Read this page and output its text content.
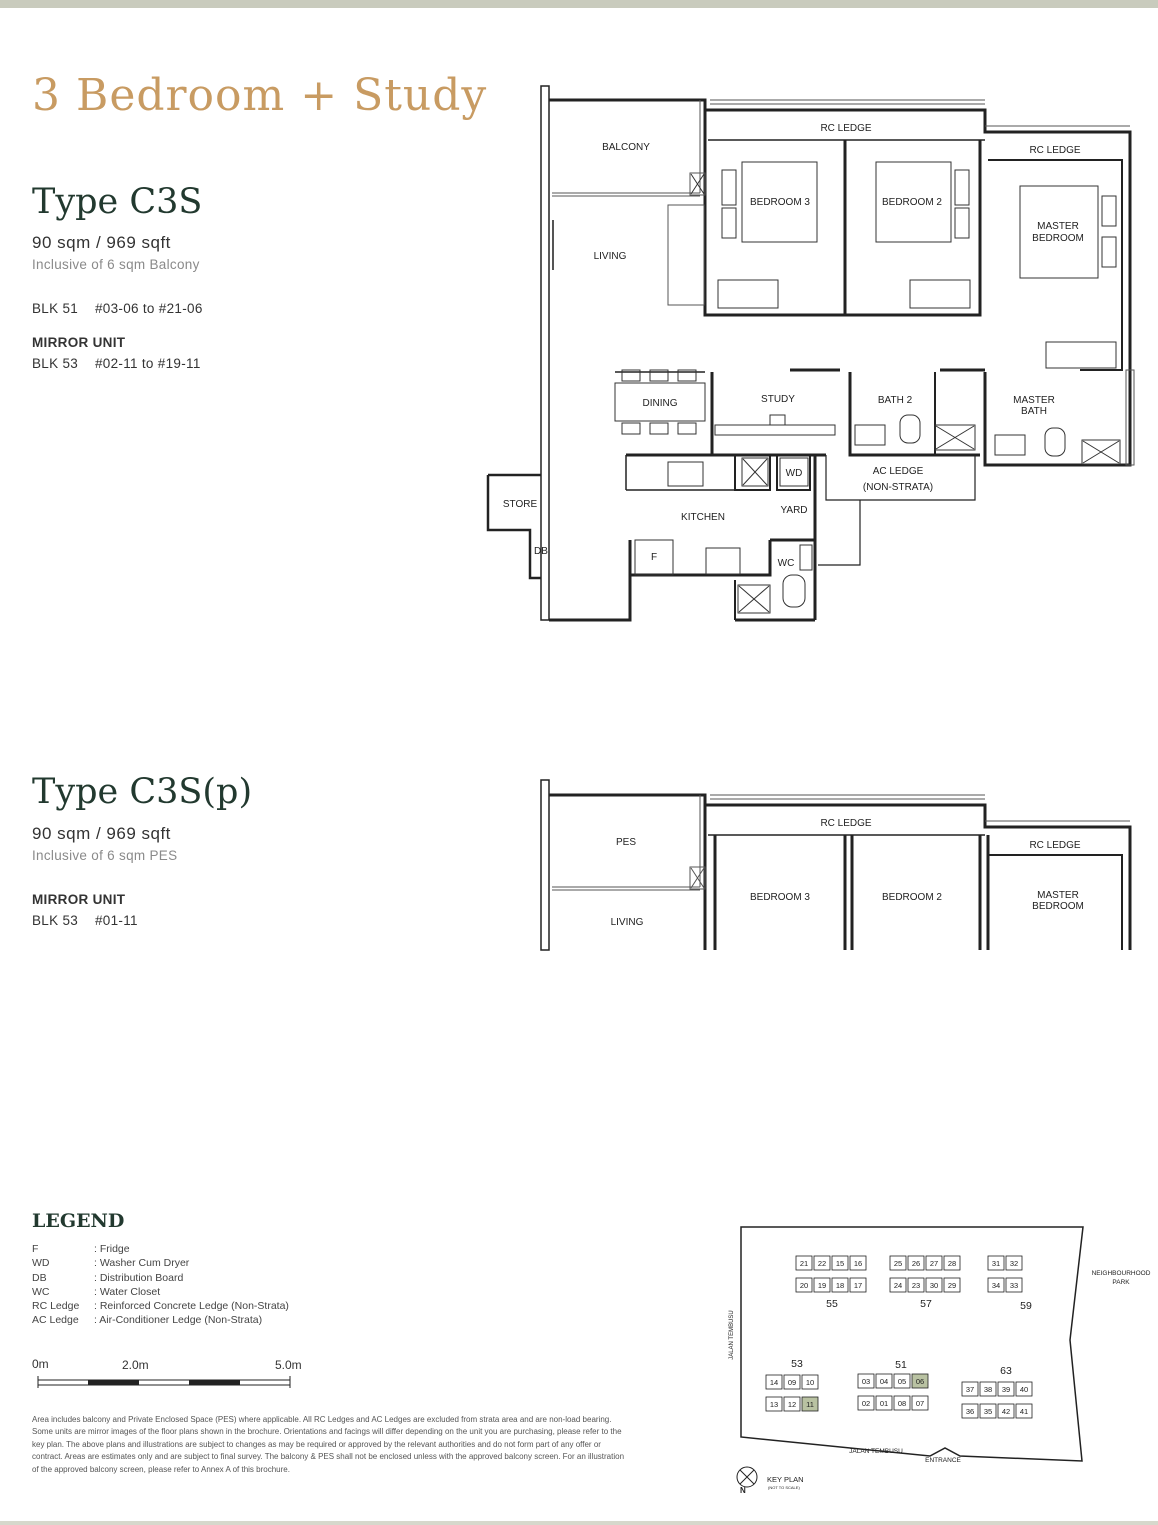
3 Bedroom + Study
Type C3S
90 sqm / 969 sqft
Inclusive of 6 sqm Balcony
BLK 51 #03-06 to #21-06
MIRROR UNIT
BLK 53 #02-11 to #19-11
Type C3S(p)
90 sqm / 969 sqft
Inclusive of 6 sqm PES
MIRROR UNIT
BLK 53 #01-11
RC LEDGE
RC LEDGE
BALCONY
LIVING
BEDROOM 3	BEDROOM 2
MASTER
BEDROOM
DINING	STUDY	BATH 2	MASTER
BATH
AC LEDGE
(NON-STRATA)
STORE
DB
KITCHEN
YARD
WD
WC
F
RC LEDGE
RC LEDGE
PES
LIVING
BEDROOM 3	BEDROOM 2	MASTER
BEDROOM
LEGEND
F	: Fridge
WD	: Washer Cum Dryer
DB	: Distribution Board
WC	: Water Closet
RC Ledge : Reinforced Concrete Ledge (Non-Strata)
AC Ledge : Air-Conditioner Ledge (Non-Strata)
0m	2.0m	5.0m
Area includes balcony and Private Enclosed Space (PES) where applicable. All RC Ledges and AC Ledges are excluded from strata area and are non-load bearing. Some units are mirror images of the floor plans shown in the brochure. Orientations and facings will differ depending on the unit you are purchasing, please refer to the key plan. The above plans and illustrations are subject to changes as may be required or approved by the relevant authorities and do not form part of any offer or contract. Areas are estimates only and are subject to final survey. The balcony & PES shall not be enclosed unless with the approved balcony screen. For an illustration of the approved balcony screen, please refer to Annex A of this brochure.
21 22 15 16
20 19 18 17
55
25 26 27 28
24 23 30 29
57
31 32
34 33
59
14 09 10
13 12 11
53
03 04 05 06
02 01 08 07
51
37 38 39 40
36 35 42 41
63
JALAN TEMBUSU
JALAN TEMBUSU
ENTRANCE
NEIGHBOURHOOD
PARK
N
KEY PLAN
(NOT TO SCALE)
